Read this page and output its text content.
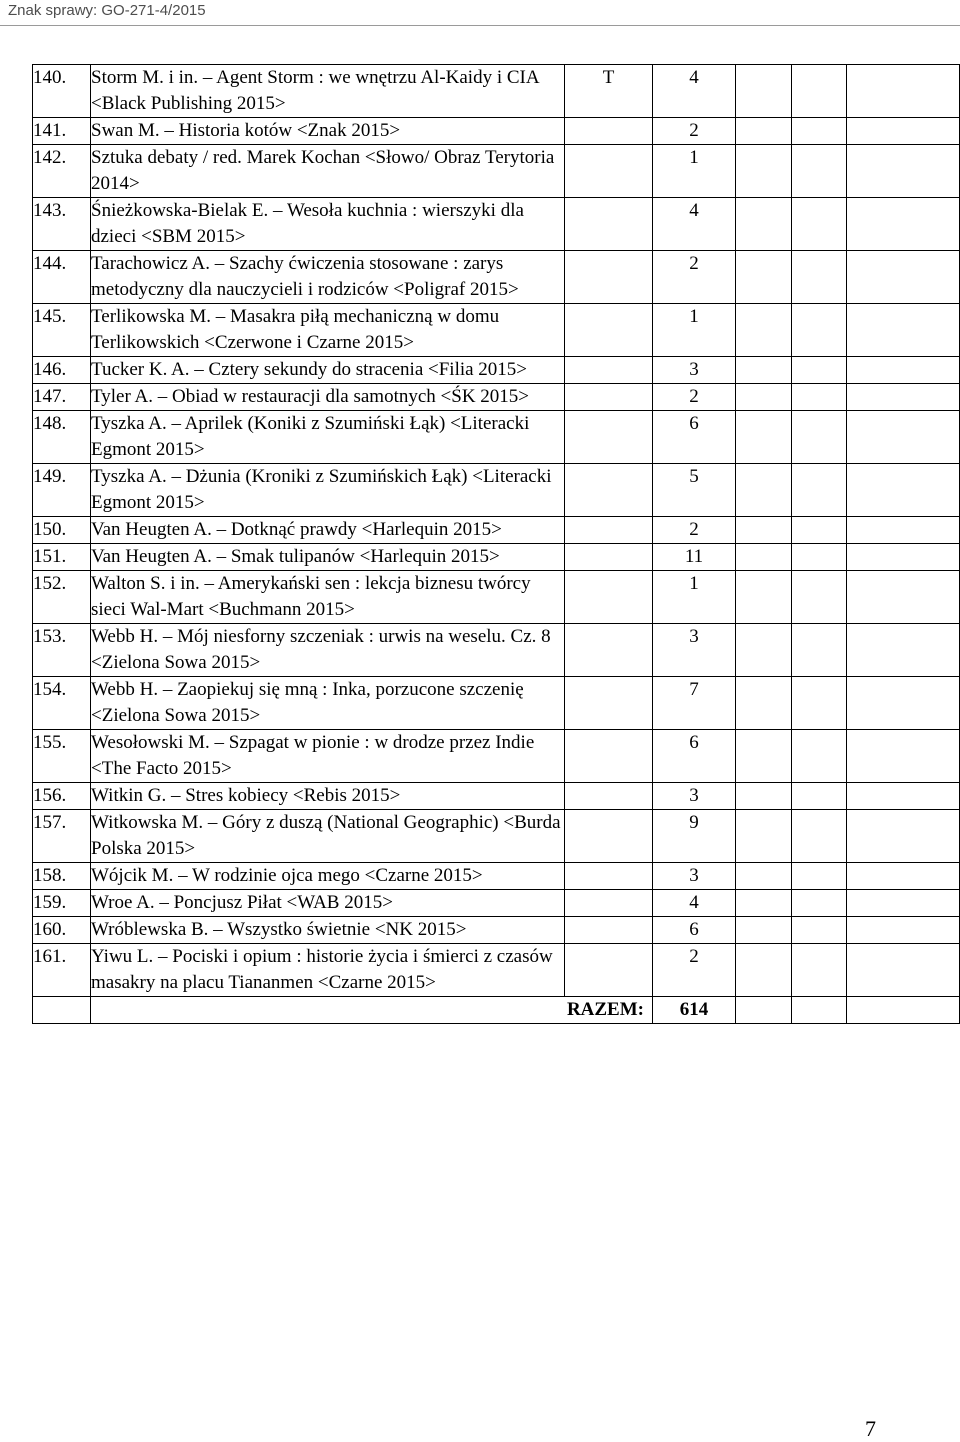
Znak sprawy: GO-271-4/2015
140.	Storm M. i in. – Agent Storm : we wnętrzu Al-Kaidy i CIA <Black Publishing 2015>	T	4			
141.	Swan M. – Historia kotów <Znak 2015>		2			
142.	Sztuka debaty / red. Marek Kochan <Słowo/ Obraz Terytoria 2014>		1			
143.	Śnieżkowska-Bielak E. – Wesoła kuchnia : wierszyki dla dzieci <SBM 2015>		4			
144.	Tarachowicz A. – Szachy ćwiczenia stosowane : zarys metodyczny dla nauczycieli i rodziców <Poligraf 2015>		2			
145.	Terlikowska M. – Masakra piłą mechaniczną w domu Terlikowskich <Czerwone i Czarne 2015>		1			
146.	Tucker K. A. – Cztery sekundy do stracenia <Filia 2015>		3			
147.	Tyler A. – Obiad w restauracji dla samotnych <ŚK 2015>		2			
148.	Tyszka A. – Aprilek (Koniki z Szumiński Łąk) <Literacki Egmont 2015>		6			
149.	Tyszka A. – Dżunia (Kroniki z Szumińskich Łąk) <Literacki Egmont 2015>		5			
150.	Van Heugten A. – Dotknąć prawdy <Harlequin 2015>		2			
151.	Van Heugten A. – Smak tulipanów <Harlequin 2015>		11			
152.	Walton S. i in. – Amerykański sen : lekcja biznesu twórcy sieci Wal-Mart <Buchmann 2015>		1			
153.	Webb H. – Mój niesforny szczeniak : urwis na weselu. Cz. 8 <Zielona Sowa 2015>		3			
154.	Webb H. – Zaopiekuj się mną : Inka, porzucone szczenię <Zielona Sowa 2015>		7			
155.	Wesołowski M. – Szpagat w pionie : w drodze przez Indie <The Facto 2015>		6			
156.	Witkin G. – Stres kobiecy <Rebis 2015>		3			
157.	Witkowska M. – Góry z duszą (National Geographic) <Burda Polska 2015>		9			
158.	Wójcik M. – W rodzinie ojca mego <Czarne 2015>		3			
159.	Wroe A. – Poncjusz Piłat <WAB 2015>		4			
160.	Wróblewska B. – Wszystko świetnie <NK 2015>		6			
161.	Yiwu L. – Pociski i opium : historie życia i śmierci z czasów masakry na placu Tiananmen <Czarne 2015>		2			
	RAZEM:		614			
7
